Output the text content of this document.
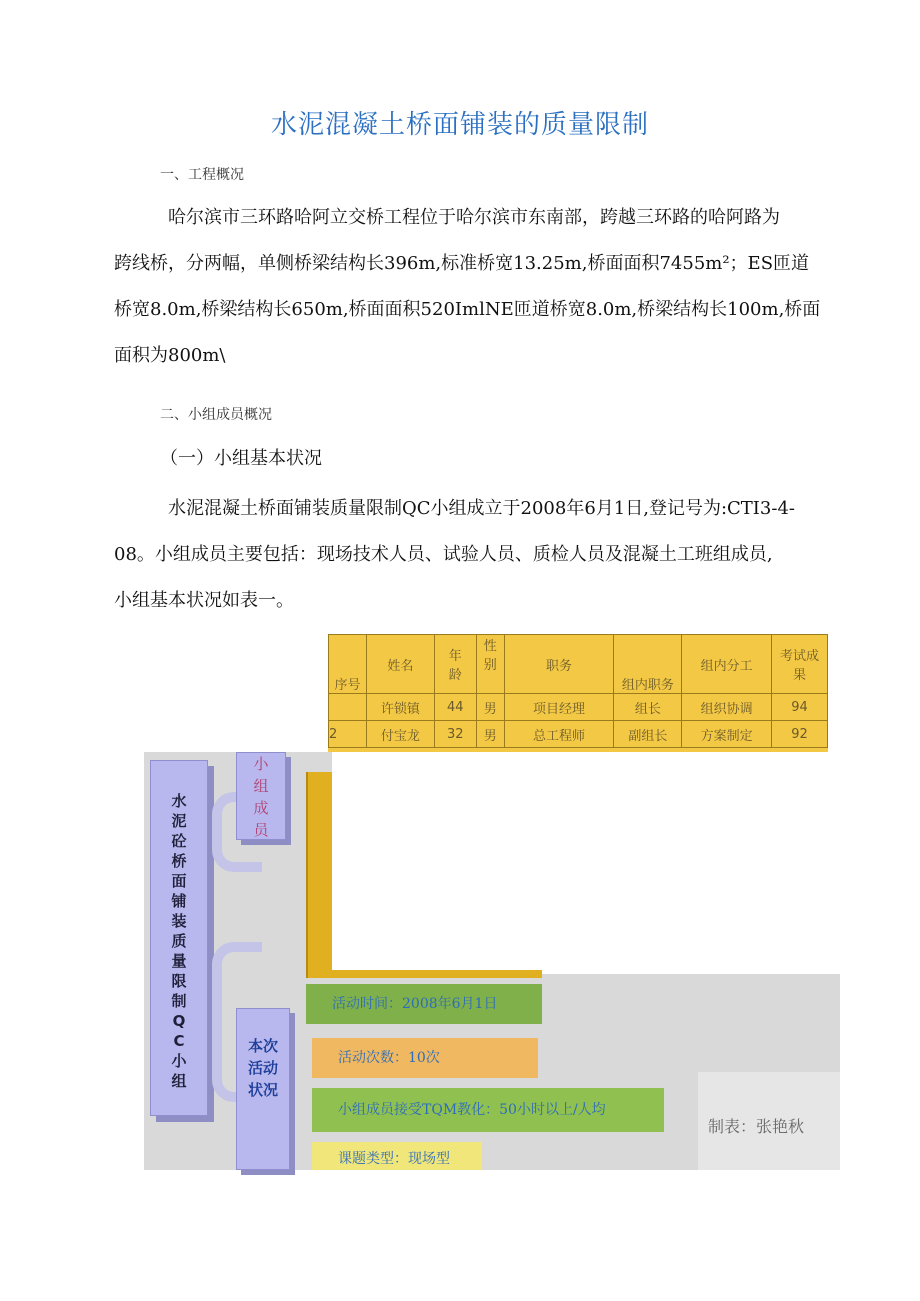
水泥混凝土桥面铺装的质量限制
一、工程概况
哈尔滨市三环路哈阿立交桥工程位于哈尔滨市东南部，跨越三环路的哈阿路为
跨线桥，分两幅，单侧桥梁结构长396m,标准桥宽13.25m,桥面面积7455m²；ES匝道
桥宽8.0m,桥梁结构长650m,桥面面积520ImlNE匝道桥宽8.0m,桥梁结构长100m,桥面
面积为800m\
二、小组成员概况
（一）小组基本状况
水泥混凝土桥面铺装质量限制QC小组成立于2008年6月1日,登记号为:CTI3-4-
08。小组成员主要包括：现场技术人员、试验人员、质检人员及混凝土工班组成员,
小组基本状况如表一。
序号	姓名	年龄	性别	职务	组内职务	组内分工	考试成果
	许锁镇	44	男	项目经理	组长	组织协调	94
2	付宝龙	32	男	总工程师	副组长	方案制定	92
水泥砼桥面铺装质量限制QC小组
小组成员
本次活动状况
活动时间：2008年6月1日
活动次数：10次
小组成员接受TQM教化：50小时以上/人均
课题类型：现场型
制表：张艳秋
